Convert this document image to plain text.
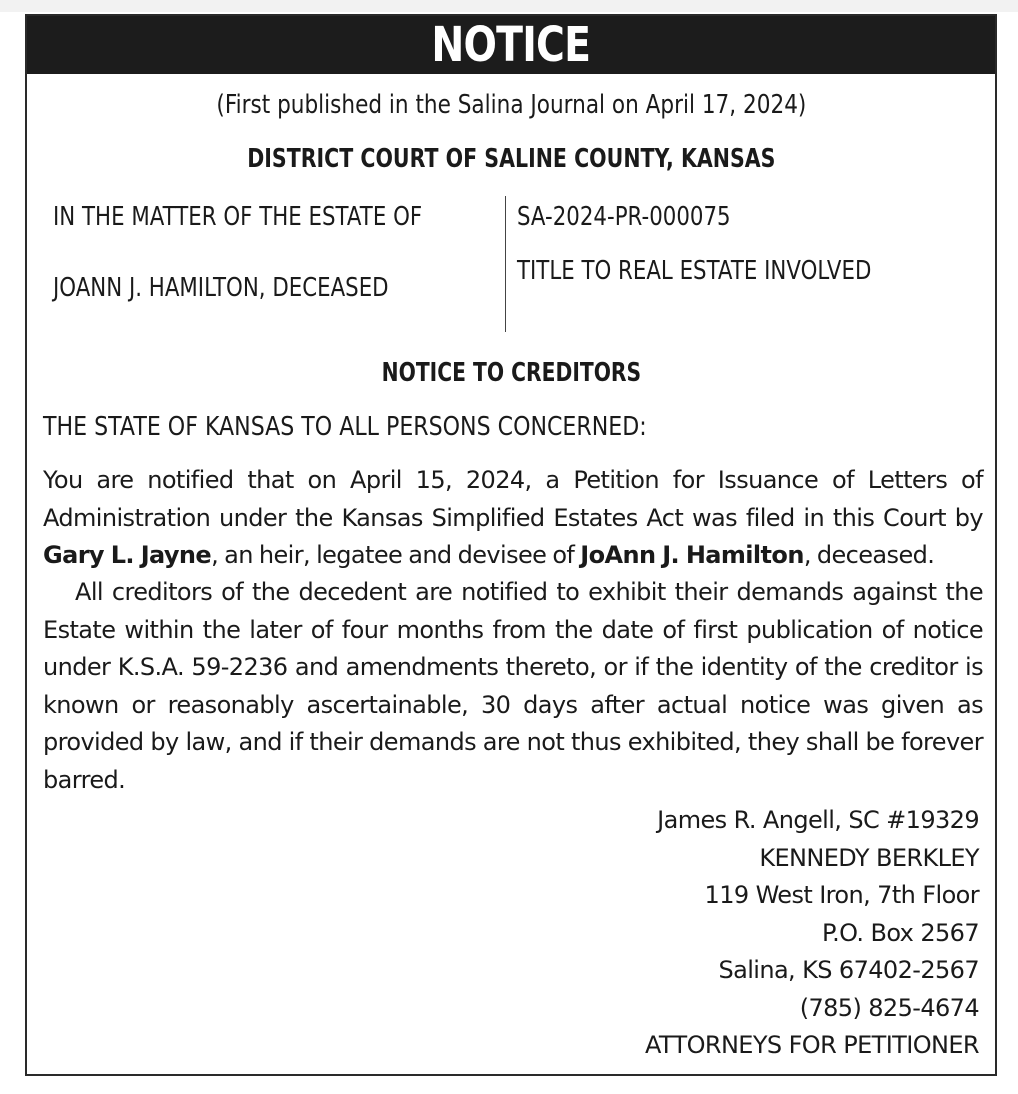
NOTICE
(First published in the Salina Journal on April 17, 2024)
DISTRICT COURT OF SALINE COUNTY, KANSAS
IN THE MATTER OF THE ESTATE OF
JOANN J. HAMILTON, DECEASED
SA-2024-PR-000075
TITLE TO REAL ESTATE INVOLVED
NOTICE TO CREDITORS
THE STATE OF KANSAS TO ALL PERSONS CONCERNED:
You are notified that on April 15, 2024, a Petition for Issuance of Letters of Administration under the Kansas Simplified Estates Act was filed in this Court by Gary L. Jayne, an heir, legatee and devisee of JoAnn J. Hamilton, deceased.
All creditors of the decedent are notified to exhibit their demands against the Estate within the later of four months from the date of first publication of notice under K.S.A. 59-2236 and amendments thereto, or if the identity of the creditor is known or reasonably ascertainable, 30 days after actual notice was given as provided by law, and if their demands are not thus exhibited, they shall be forever barred.
James R. Angell, SC #19329
KENNEDY BERKLEY
119 West Iron, 7th Floor
P.O. Box 2567
Salina, KS 67402-2567
(785) 825-4674
ATTORNEYS FOR PETITIONER
